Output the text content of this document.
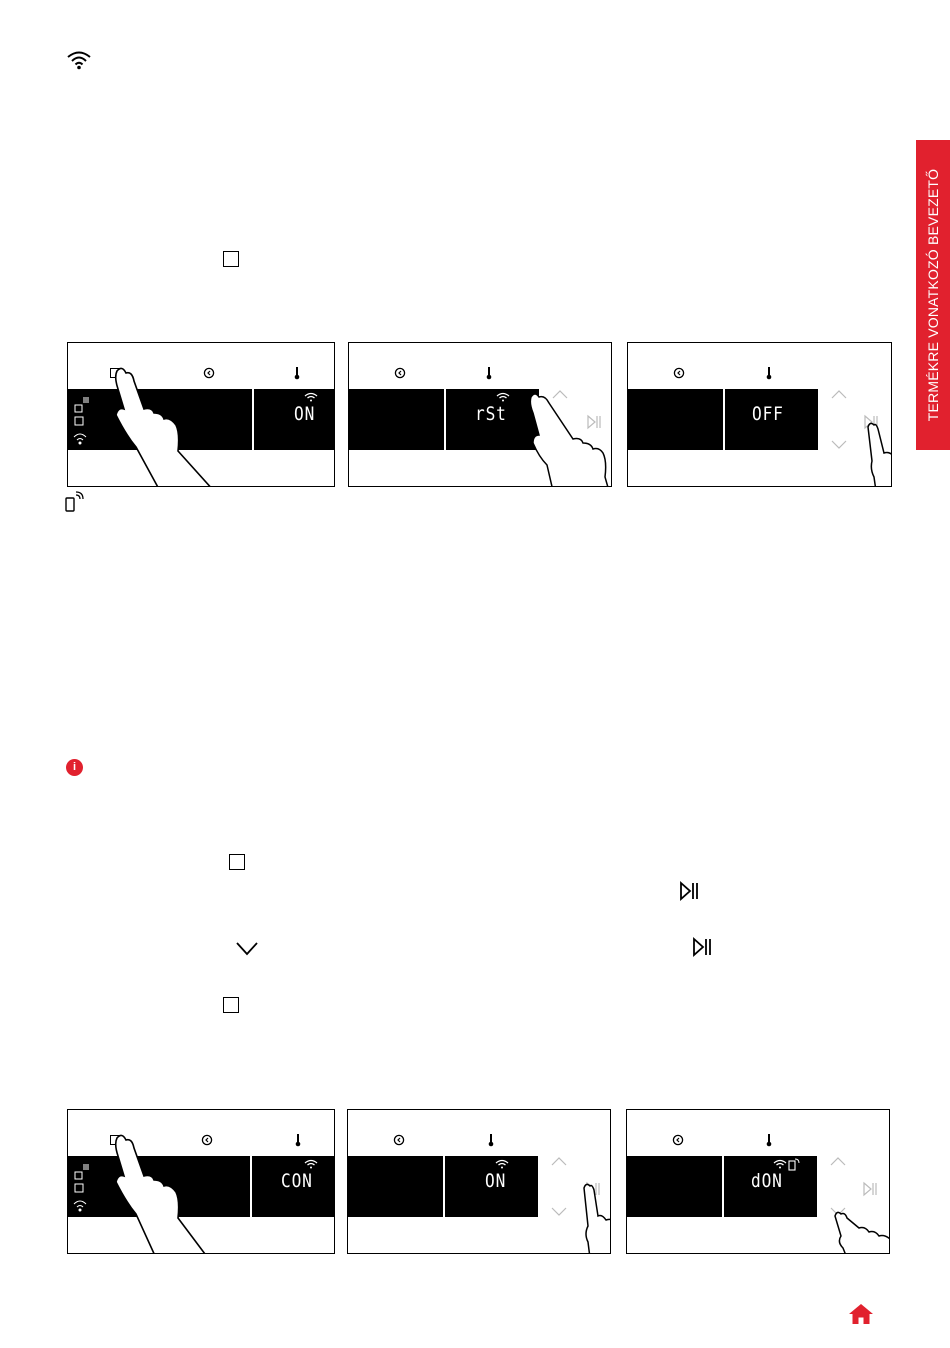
TERMÉKRE VONATKOZÓ BEVEZETŐ
ON	rSt	OFF
i
CON	ON	dON
